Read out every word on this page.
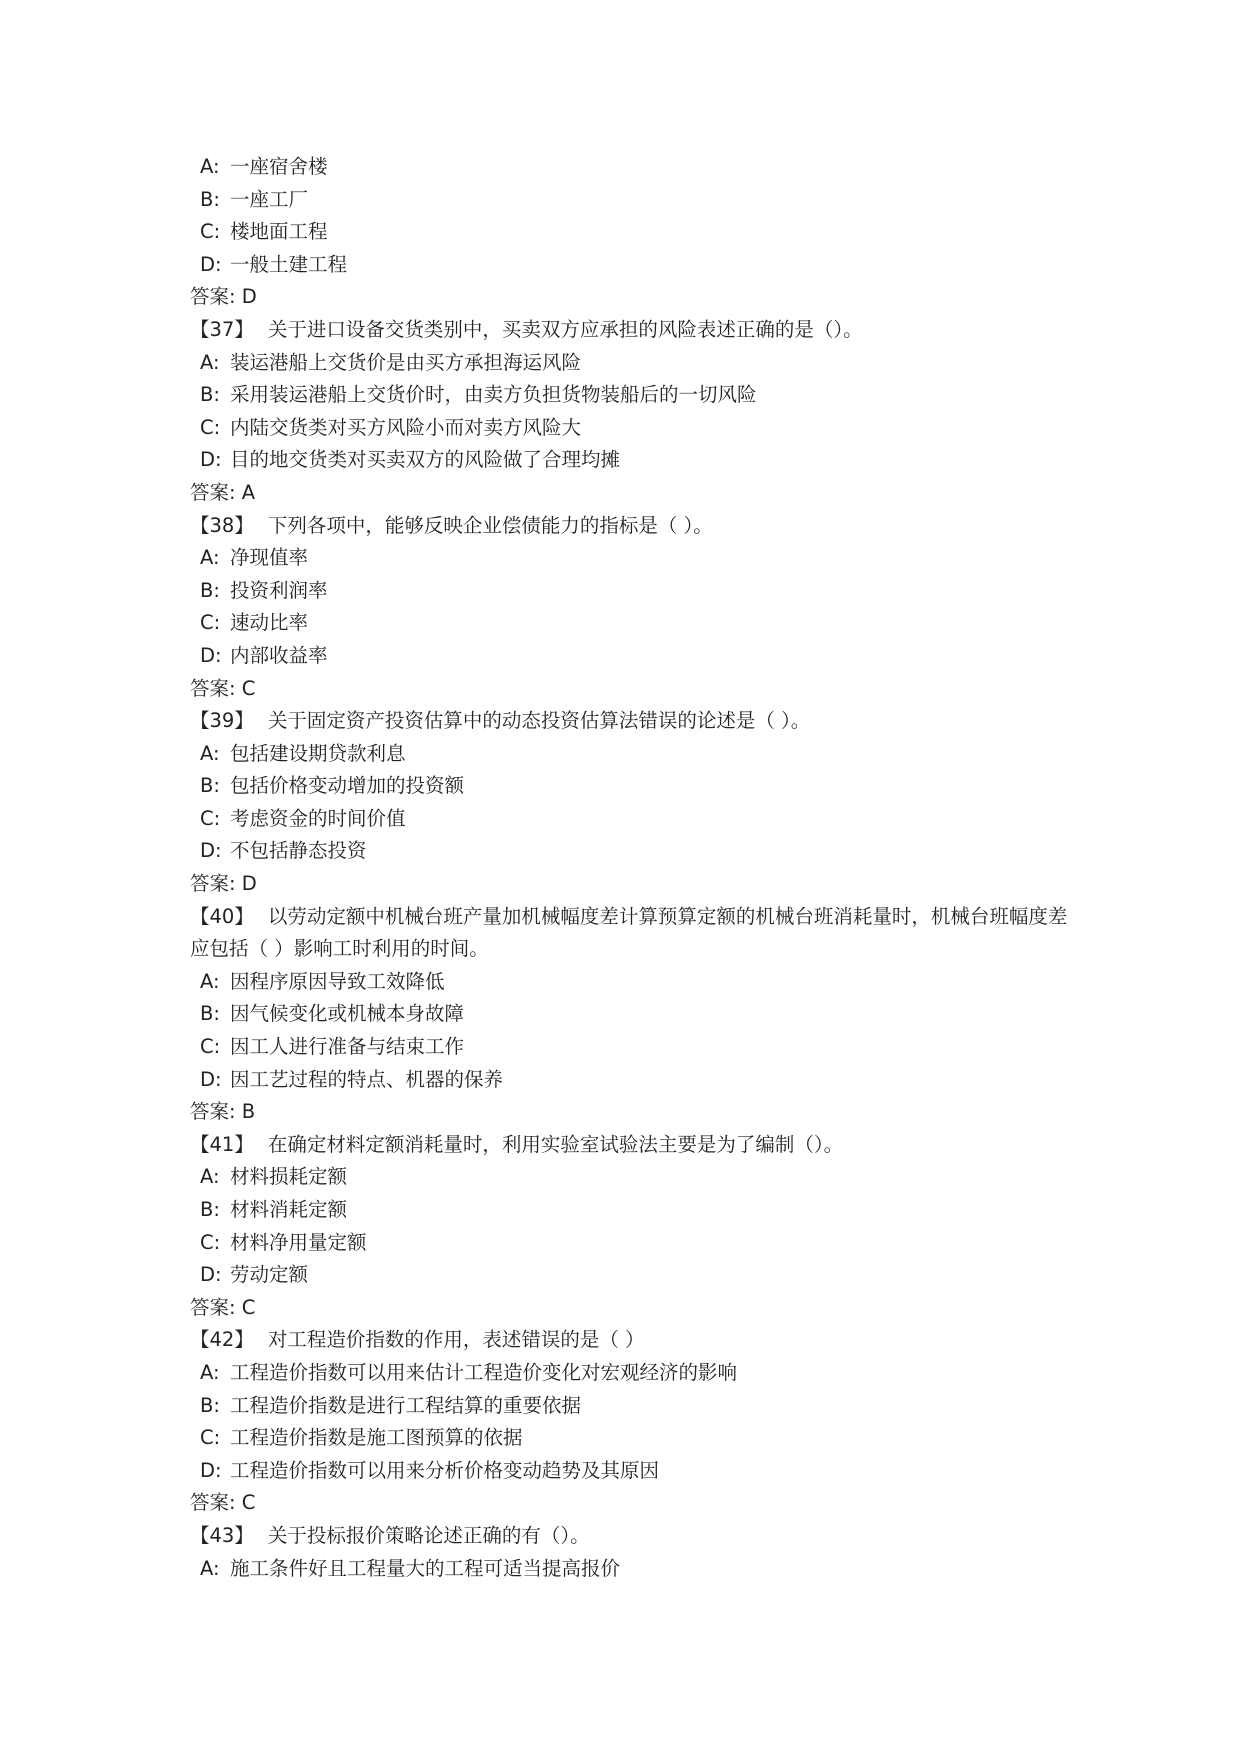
A: 一座宿舍楼
B: 一座工厂
C: 楼地面工程
D: 一般土建工程
答案: D
【37】 关于进口设备交货类别中，买卖双方应承担的风险表述正确的是（）。
A: 装运港船上交货价是由买方承担海运风险
B: 采用装运港船上交货价时，由卖方负担货物装船后的一切风险
C: 内陆交货类对买方风险小而对卖方风险大
D: 目的地交货类对买卖双方的风险做了合理均摊
答案: A
【38】 下列各项中，能够反映企业偿债能力的指标是（ ）。
A: 净现值率
B: 投资利润率
C: 速动比率
D: 内部收益率
答案: C
【39】 关于固定资产投资估算中的动态投资估算法错误的论述是（ ）。
A: 包括建设期贷款利息
B: 包括价格变动增加的投资额
C: 考虑资金的时间价值
D: 不包括静态投资
答案: D
【40】 以劳动定额中机械台班产量加机械幅度差计算预算定额的机械台班消耗量时，机械台班幅度差应包括（ ）影响工时利用的时间。
A: 因程序原因导致工效降低
B: 因气候变化或机械本身故障
C: 因工人进行准备与结束工作
D: 因工艺过程的特点、机器的保养
答案: B
【41】 在确定材料定额消耗量时，利用实验室试验法主要是为了编制（）。
A: 材料损耗定额
B: 材料消耗定额
C: 材料净用量定额
D: 劳动定额
答案: C
【42】 对工程造价指数的作用，表述错误的是（ ）
A: 工程造价指数可以用来估计工程造价变化对宏观经济的影响
B: 工程造价指数是进行工程结算的重要依据
C: 工程造价指数是施工图预算的依据
D: 工程造价指数可以用来分析价格变动趋势及其原因
答案: C
【43】 关于投标报价策略论述正确的有（）。
A: 施工条件好且工程量大的工程可适当提高报价
